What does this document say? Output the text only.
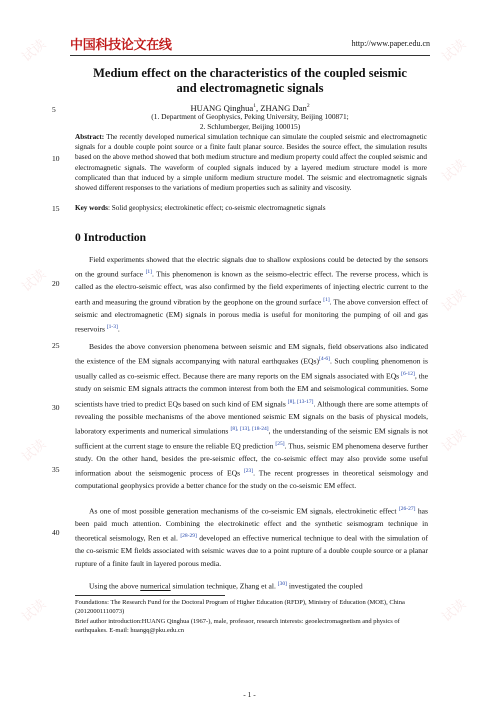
试读	试读
试读
试读
试读
试读	试读
试读	试读
中国科技论文在线	http://www.paper.edu.cn
Medium effect on the characteristics of the coupled seismic
and electromagnetic signals
HUANG Qinghua$^1$, ZHANG Dan$^2$
(1. Department of Geophysics, Peking University, Beijing 100871;
2. Schlumberger, Beijing 100015)
Abstract: The recently developed numerical simulation technique can simulate the coupled seismic and electromagnetic signals for a double couple point source or a finite fault planar source. Besides the source effect, the simulation results based on the above method showed that both medium structure and medium property could affect the coupled seismic and electromagnetic signals. The waveform of coupled signals induced by a layered medium structure model is more complicated than that induced by a simple uniform medium structure model. The seismic and electromagnetic signals showed different responses to the variations of medium properties such as salinity and viscosity.
Key words: Solid geophysics; electrokinetic effect; co-seismic electromagnetic signals
5
10
15
20
25
30
35
40
0 Introduction

Field experiments showed that the electric signals due to shallow explosions could be detected by the sensors on the ground surface [1]. This phenomenon is known as the seismo-electric effect. The reverse process, which is called as the electro-seismic effect, was also confirmed by the field experiments of injecting electric current to the earth and measuring the ground vibration by the geophone on the ground surface [1]. The above conversion effect of seismic and electromagnetic (EM) signals in porous media is useful for monitoring the pumping of oil and gas reservoirs [1-3].

Besides the above conversion phenomena between seismic and EM signals, field observations also indicated the existence of the EM signals accompanying with natural earthquakes (EQs)[4-6]. Such coupling phenomenon is usually called as co-seismic effect. Because there are many reports on the EM signals associated with EQs [6-12], the study on seismic EM signals attracts the common interest from both the EM and seismological communities. Some scientists have tried to predict EQs based on such kind of EM signals [8], [13-17]. Although there are some attempts of revealing the possible mechanisms of the above mentioned seismic EM signals on the basis of physical models, laboratory experiments and numerical simulations [8], [13], [18-24], the understanding of the seismic EM signals is not sufficient at the current stage to ensure the reliable EQ prediction [25]. Thus, seismic EM phenomena deserve further study. On the other hand, besides the pre-seismic effect, the co-seismic effect may also provide some useful information about the seismogenic process of EQs [23]. The recent progresses in theoretical seismology and computational geophysics provide a better chance for the study on the co-seismic EM effect.

As one of most possible generation mechanisms of the co-seismic EM signals, electrokinetic effect [26-27] has been paid much attention. Combining the electrokinetic effect and the synthetic seismogram technique in theoretical seismology, Ren et al. [28-29] developed an effective numerical technique to deal with the simulation of the co-seismic EM fields associated with seismic waves due to a point rupture of a double couple source or a planar rupture of a finite fault in layered porous media.

Using the above numerical simulation technique, Zhang et al. [30] investigated the coupled

Foundations: The Research Fund for the Doctoral Program of Higher Education (RFDP), Ministry of Education (MOE), China (20120001110073)
Brief author introduction:HUANG Qinghua (1967-), male, professor, research interests: geoelectromagnetism and physics of earthquakes. E-mail: huangq@pku.edu.cn
- 1 -
